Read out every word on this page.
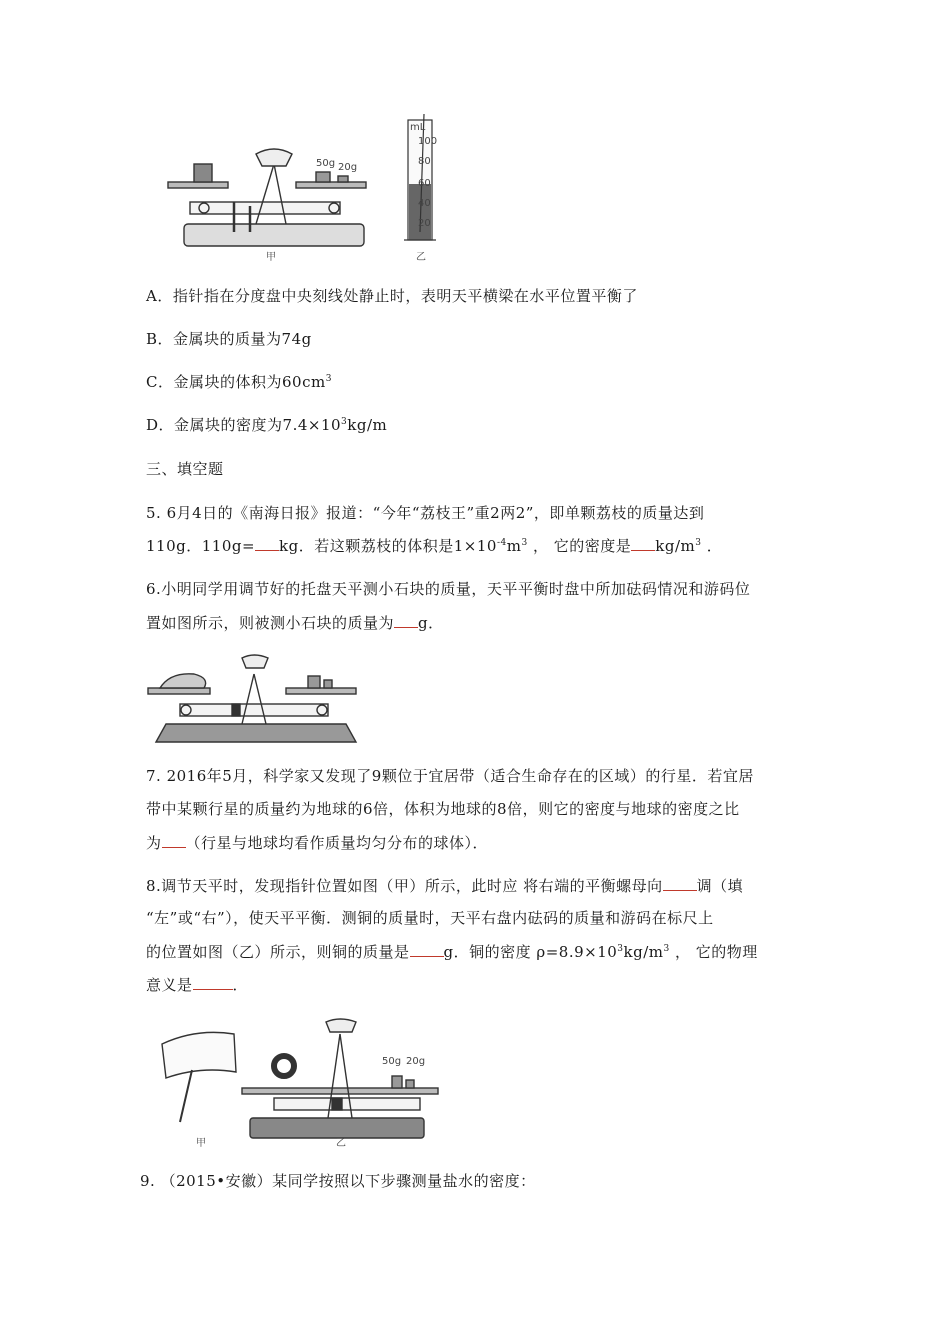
50g 20g
甲
mL
100
80
60
40
20
乙
A．指针指在分度盘中央刻线处静止时，表明天平横梁在水平位置平衡了
B．金属块的质量为74g
C．金属块的体积为$60cm^3$
D．金属块的密度为$7.4\times 10^3kg/m$
三、填空题
5. 6月4日的《南海日报》报道：“今年“荔枝王”重2两2”，即单颗荔枝的质量达到
110g．110g= kg．若这颗荔枝的体积是$1\times 10^{-4}m^3$ ， 它的密度是 $kg/m^3$ ．
6.小明同学用调节好的托盘天平测小石块的质量，天平平衡时盘中所加砝码情况和游码位
置如图所示，则被测小石块的质量为 g．
7. 2016年5月，科学家又发现了9颗位于宜居带（适合生命存在的区域）的行星．若宜居
带中某颗行星的质量约为地球的6倍，体积为地球的8倍，则它的密度与地球的密度之比
为 （行星与地球均看作质量均匀分布的球体）．
8.调节天平时，发现指针位置如图（甲）所示，此时应 将右端的平衡螺母向 调（填
“左”或“右”），使天平平衡．测铜的质量时，天平右盘内砝码的质量和游码在标尺上
的位置如图（乙）所示，则铜的质量是 g．铜的密度 $\rho=8.9\times 10^3kg/m^3$ ， 它的物理
意义是	．
50g 20g
甲	乙
9. （2015•安徽）某同学按照以下步骤测量盐水的密度：
